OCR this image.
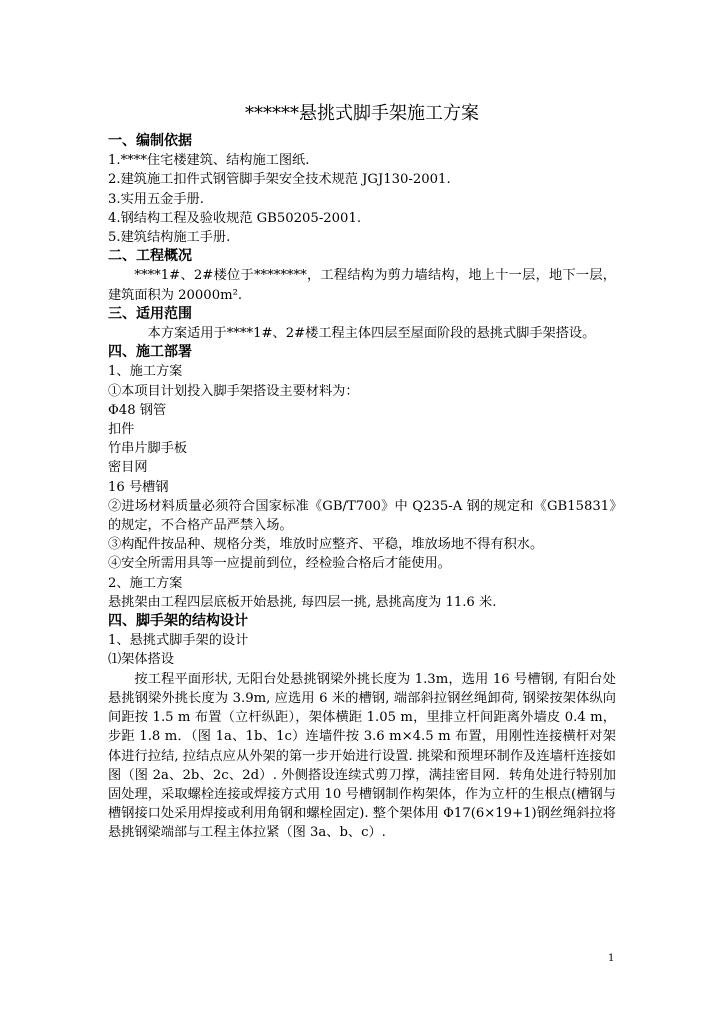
******悬挑式脚手架施工方案
一、编制依据
1.****住宅楼建筑、结构施工图纸.
2.建筑施工扣件式钢管脚手架安全技术规范 JGJ130-2001.
3.实用五金手册.
4.钢结构工程及验收规范 GB50205-2001.
5.建筑结构施工手册.
二、工程概况
****1#、2#楼位于********，工程结构为剪力墙结构，地上十一层，地下一层，建筑面积为 20000m².
三、适用范围
本方案适用于****1#、2#楼工程主体四层至屋面阶段的悬挑式脚手架搭设。
四、施工部署
1、施工方案
①本项目计划投入脚手架搭设主要材料为：
Φ48 钢管
扣件
竹串片脚手板
密目网
16 号槽钢
②进场材料质量必须符合国家标准《GB/T700》中 Q235-A 钢的规定和《GB15831》的规定，不合格产品严禁入场。
③构配件按品种、规格分类，堆放时应整齐、平稳，堆放场地不得有积水。
④安全所需用具等一应提前到位，经检验合格后才能使用。
2、施工方案
悬挑架由工程四层底板开始悬挑, 每四层一挑, 悬挑高度为 11.6 米.
四、脚手架的结构设计
1、悬挑式脚手架的设计
⑴架体搭设
按工程平面形状, 无阳台处悬挑钢梁外挑长度为 1.3m，选用 16 号槽钢, 有阳台处悬挑钢梁外挑长度为 3.9m, 应选用 6 米的槽钢, 端部斜拉钢丝绳卸荷, 钢梁按架体纵向间距按 1.5 m 布置（立杆纵距），架体横距 1.05 m，里排立杆间距离外墙皮 0.4 m，步距 1.8 m．（图 1a、1b、1c）连墙件按 3.6 m×4.5 m 布置，用刚性连接横杆对架体进行拉结, 拉结点应从外架的第一步开始进行设置. 挑梁和预埋环制作及连墙杆连接如图（图 2a、2b、2c、2d）. 外侧搭设连续式剪刀撑，满挂密目网．转角处进行特别加固处理，采取螺栓连接或焊接方式用 10 号槽钢制作构架体，作为立杆的生根点(槽钢与槽钢接口处采用焊接或利用角钢和螺栓固定). 整个架体用 Φ17(6×19+1)钢丝绳斜拉将悬挑钢梁端部与工程主体拉紧（图 3a、b、c）.
1
